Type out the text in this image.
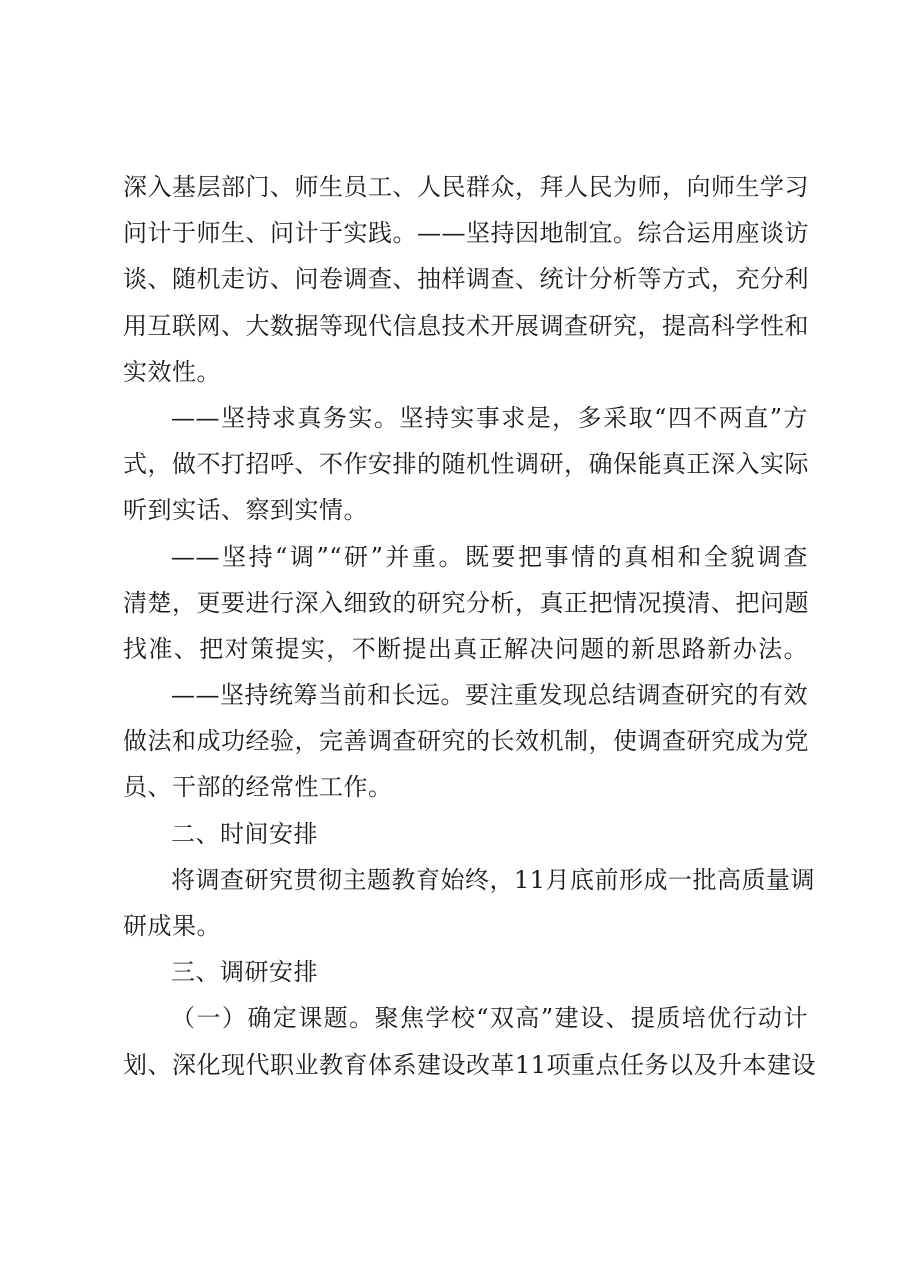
深入基层部门、师生员工、人民群众，拜人民为师，向师生学习
问计于师生、问计于实践。——坚持因地制宜。综合运用座谈访
谈、随机走访、问卷调查、抽样调查、统计分析等方式，充分利
用互联网、大数据等现代信息技术开展调查研究，提高科学性和
实效性。
——坚持求真务实。坚持实事求是，多采取“四不两直”方
式，做不打招呼、不作安排的随机性调研，确保能真正深入实际
听到实话、察到实情。
——坚持“调”“研”并重。既要把事情的真相和全貌调查
清楚，更要进行深入细致的研究分析，真正把情况摸清、把问题
找准、把对策提实，不断提出真正解决问题的新思路新办法。
——坚持统筹当前和长远。要注重发现总结调查研究的有效
做法和成功经验，完善调查研究的长效机制，使调查研究成为党
员、干部的经常性工作。
二、时间安排
将调查研究贯彻主题教育始终，11月底前形成一批高质量调
研成果。
三、调研安排
（一）确定课题。聚焦学校“双高”建设、提质培优行动计
划、深化现代职业教育体系建设改革11项重点任务以及升本建设
